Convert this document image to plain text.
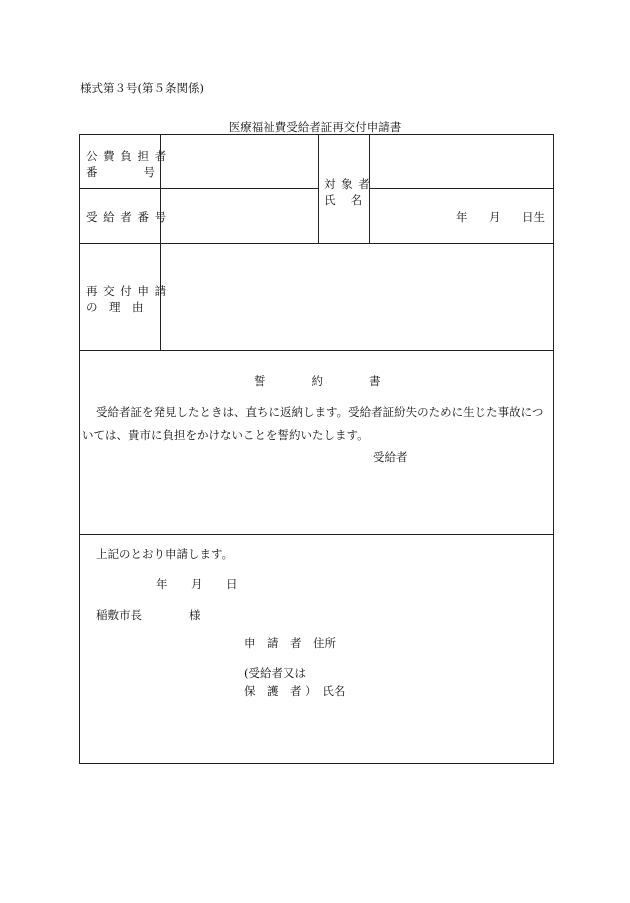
様式第３号(第５条関係)
医療福祉費受給者証再交付申請書
公 費 負 担 者
番　　　　号
対 象 者
氏　 名
受 給 者 番 号	年 月 日生
再 交 付 申 請
の　理　由
誓　　　　約　　　　書
受給者証を発見したときは、直ちに返納します。受給者証紛失のために生じた事故につ
いては、貴市に負担をかけないことを誓約いたします。
受給者
上記のとおり申請します。
年 月 日
稲敷市長	様
申　請　者　住所
(受給者又は
保　護　者 ）　氏名
